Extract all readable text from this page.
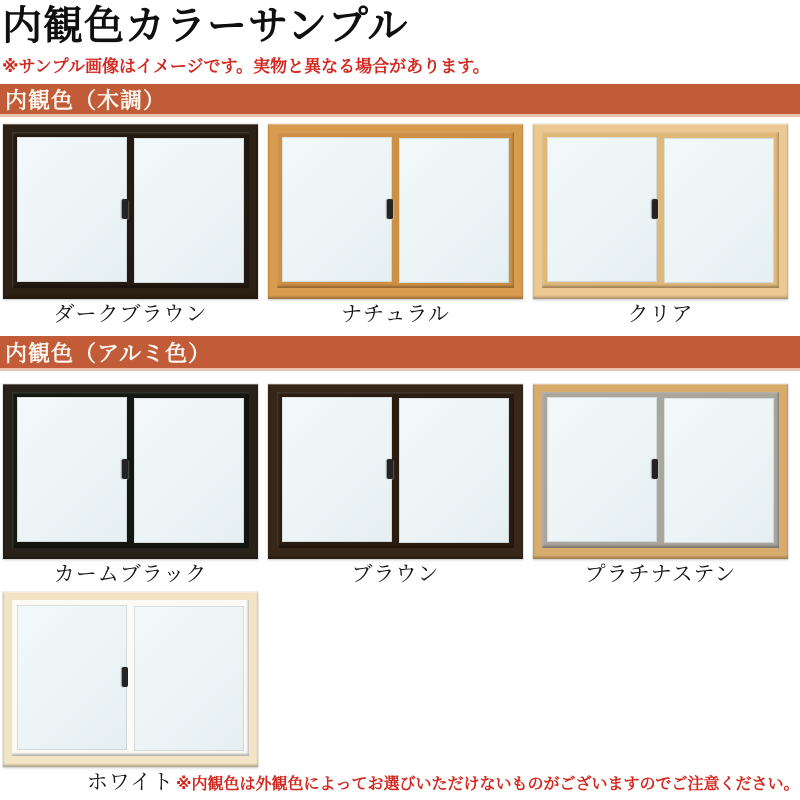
内観色カラーサンプル

※サンプル画像はイメージです。実物と異なる場合があります。

内観色（木調）
ダークブラウン	ナチュラル	クリア
内観色（アルミ色）
カームブラック	ブラウン	プラチナステン
ホワイト ※内観色は外観色によってお選びいただけないものがございますのでご注意ください。
